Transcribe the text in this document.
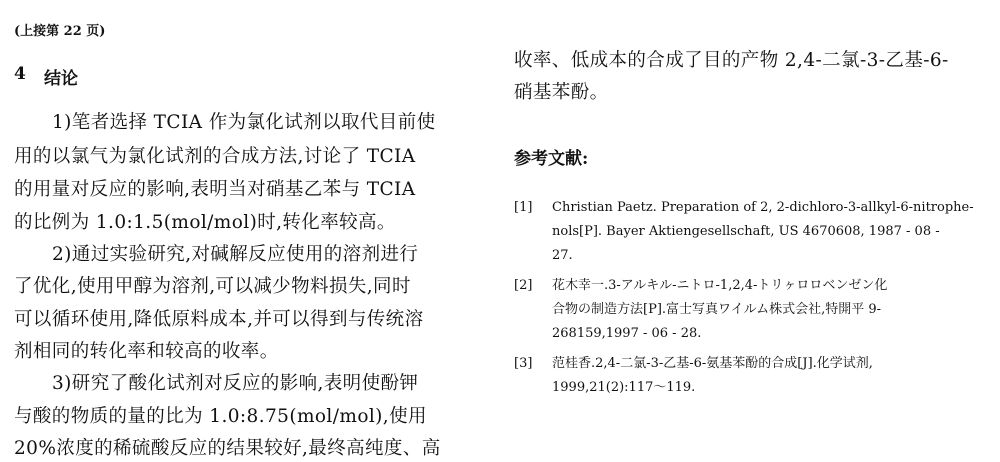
(上接第 22 页)
4 结论
1)笔者选择 TCIA 作为氯化试剂以取代目前使
用的以氯气为氯化试剂的合成方法,讨论了 TCIA
的用量对反应的影响,表明当对硝基乙苯与 TCIA
的比例为 1.0:1.5(mol/mol)时,转化率较高。
2)通过实验研究,对碱解反应使用的溶剂进行
了优化,使用甲醇为溶剂,可以减少物料损失,同时
可以循环使用,降低原料成本,并可以得到与传统溶
剂相同的转化率和较高的收率。
3)研究了酸化试剂对反应的影响,表明使酚钾
与酸的物质的量的比为 1.0:8.75(mol/mol),使用
20%浓度的稀硫酸反应的结果较好,最终高纯度、高
收率、低成本的合成了目的产物 2,4-二氯-3-乙基-6-
硝基苯酚。
参考文献:
[1]	Christian Paetz. Preparation of 2, 2-dichloro-3-allkyl-6-nitrophe-
nols[P]. Bayer Aktiengesellschaft, US 4670608, 1987 - 08 -
27.
[2]	花木幸一.3-アルキル-ニトロ-1,2,4-トリヶロロベンゼン化
合物の制造方法[P].富士写真ワイルム株式会社,特開平 9-
268159,1997 - 06 - 28.
[3]	范桂香.2,4-二氯-3-乙基-6-氨基苯酚的合成[J].化学试剂,
1999,21(2):117～119.
